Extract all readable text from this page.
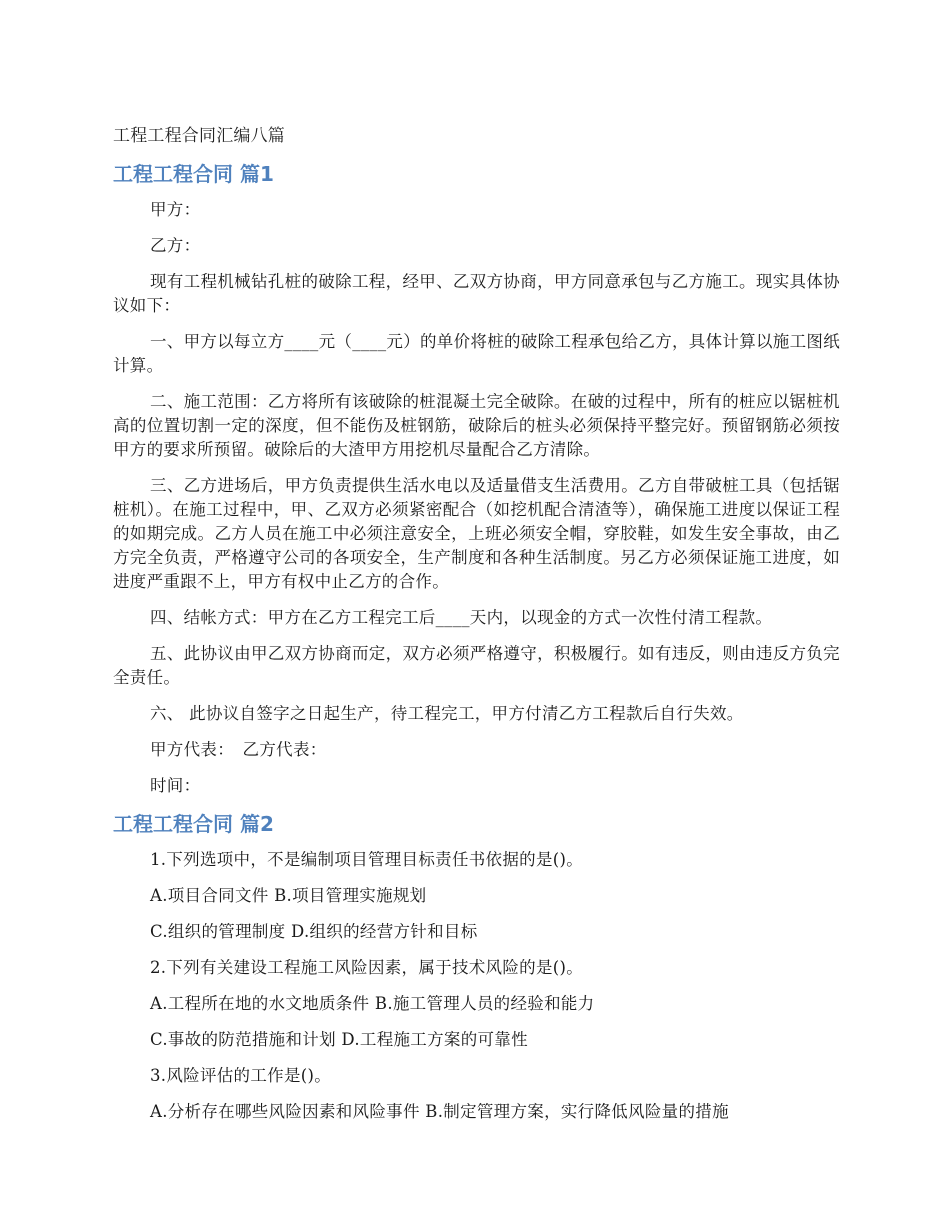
工程工程合同汇编八篇
工程工程合同 篇1

甲方：

乙方：

现有工程机械钻孔桩的破除工程，经甲、乙双方协商，甲方同意承包与乙方施工。现实具体协议如下：

一、甲方以每立方____元（____元）的单价将桩的破除工程承包给乙方，具体计算以施工图纸计算。

二、施工范围：乙方将所有该破除的桩混凝土完全破除。在破的过程中，所有的桩应以锯桩机高的位置切割一定的深度，但不能伤及桩钢筋，破除后的桩头必须保持平整完好。预留钢筋必须按甲方的要求所预留。破除后的大渣甲方用挖机尽量配合乙方清除。

三、乙方进场后，甲方负责提供生活水电以及适量借支生活费用。乙方自带破桩工具（包括锯桩机）。在施工过程中，甲、乙双方必须紧密配合（如挖机配合清渣等），确保施工进度以保证工程的如期完成。乙方人员在施工中必须注意安全，上班必须安全帽，穿胶鞋，如发生安全事故，由乙方完全负责，严格遵守公司的各项安全，生产制度和各种生活制度。另乙方必须保证施工进度，如进度严重跟不上，甲方有权中止乙方的合作。

四、结帐方式：甲方在乙方工程完工后____天内，以现金的方式一次性付清工程款。

五、此协议由甲乙双方协商而定，双方必须严格遵守，积极履行。如有违反，则由违反方负完全责任。

六、 此协议自签字之日起生产，待工程完工，甲方付清乙方工程款后自行失效。

甲方代表：　乙方代表：

时间：

工程工程合同 篇2

1.下列选项中，不是编制项目管理目标责任书依据的是()。

A.项目合同文件 B.项目管理实施规划

C.组织的管理制度 D.组织的经营方针和目标

2.下列有关建设工程施工风险因素，属于技术风险的是()。

A.工程所在地的水文地质条件 B.施工管理人员的经验和能力

C.事故的防范措施和计划 D.工程施工方案的可靠性

3.风险评估的工作是()。

A.分析存在哪些风险因素和风险事件 B.制定管理方案，实行降低风险量的措施
